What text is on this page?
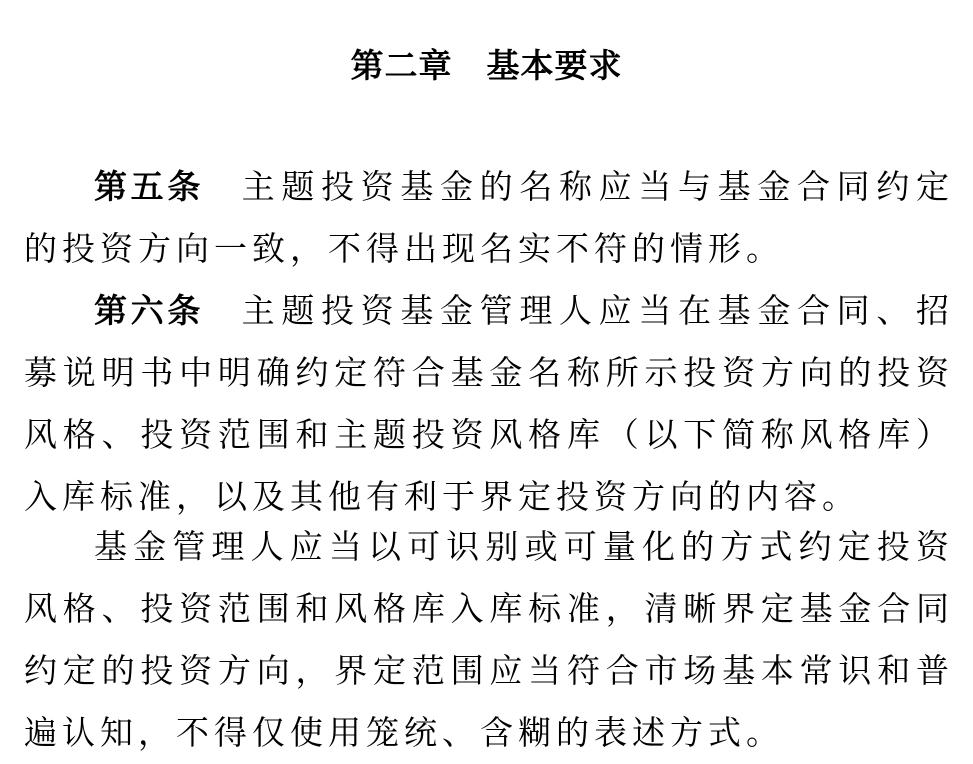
第二章　基本要求

第五条 主题投资基金的名称应当与基金合同约定的投资方向一致，不得出现名实不符的情形。

第六条 主题投资基金管理人应当在基金合同、招募说明书中明确约定符合基金名称所示投资方向的投资风格、投资范围和主题投资风格库（以下简称风格库）入库标准，以及其他有利于界定投资方向的内容。

基金管理人应当以可识别或可量化的方式约定投资风格、投资范围和风格库入库标准，清晰界定基金合同约定的投资方向，界定范围应当符合市场基本常识和普遍认知，不得仅使用笼统、含糊的表述方式。
